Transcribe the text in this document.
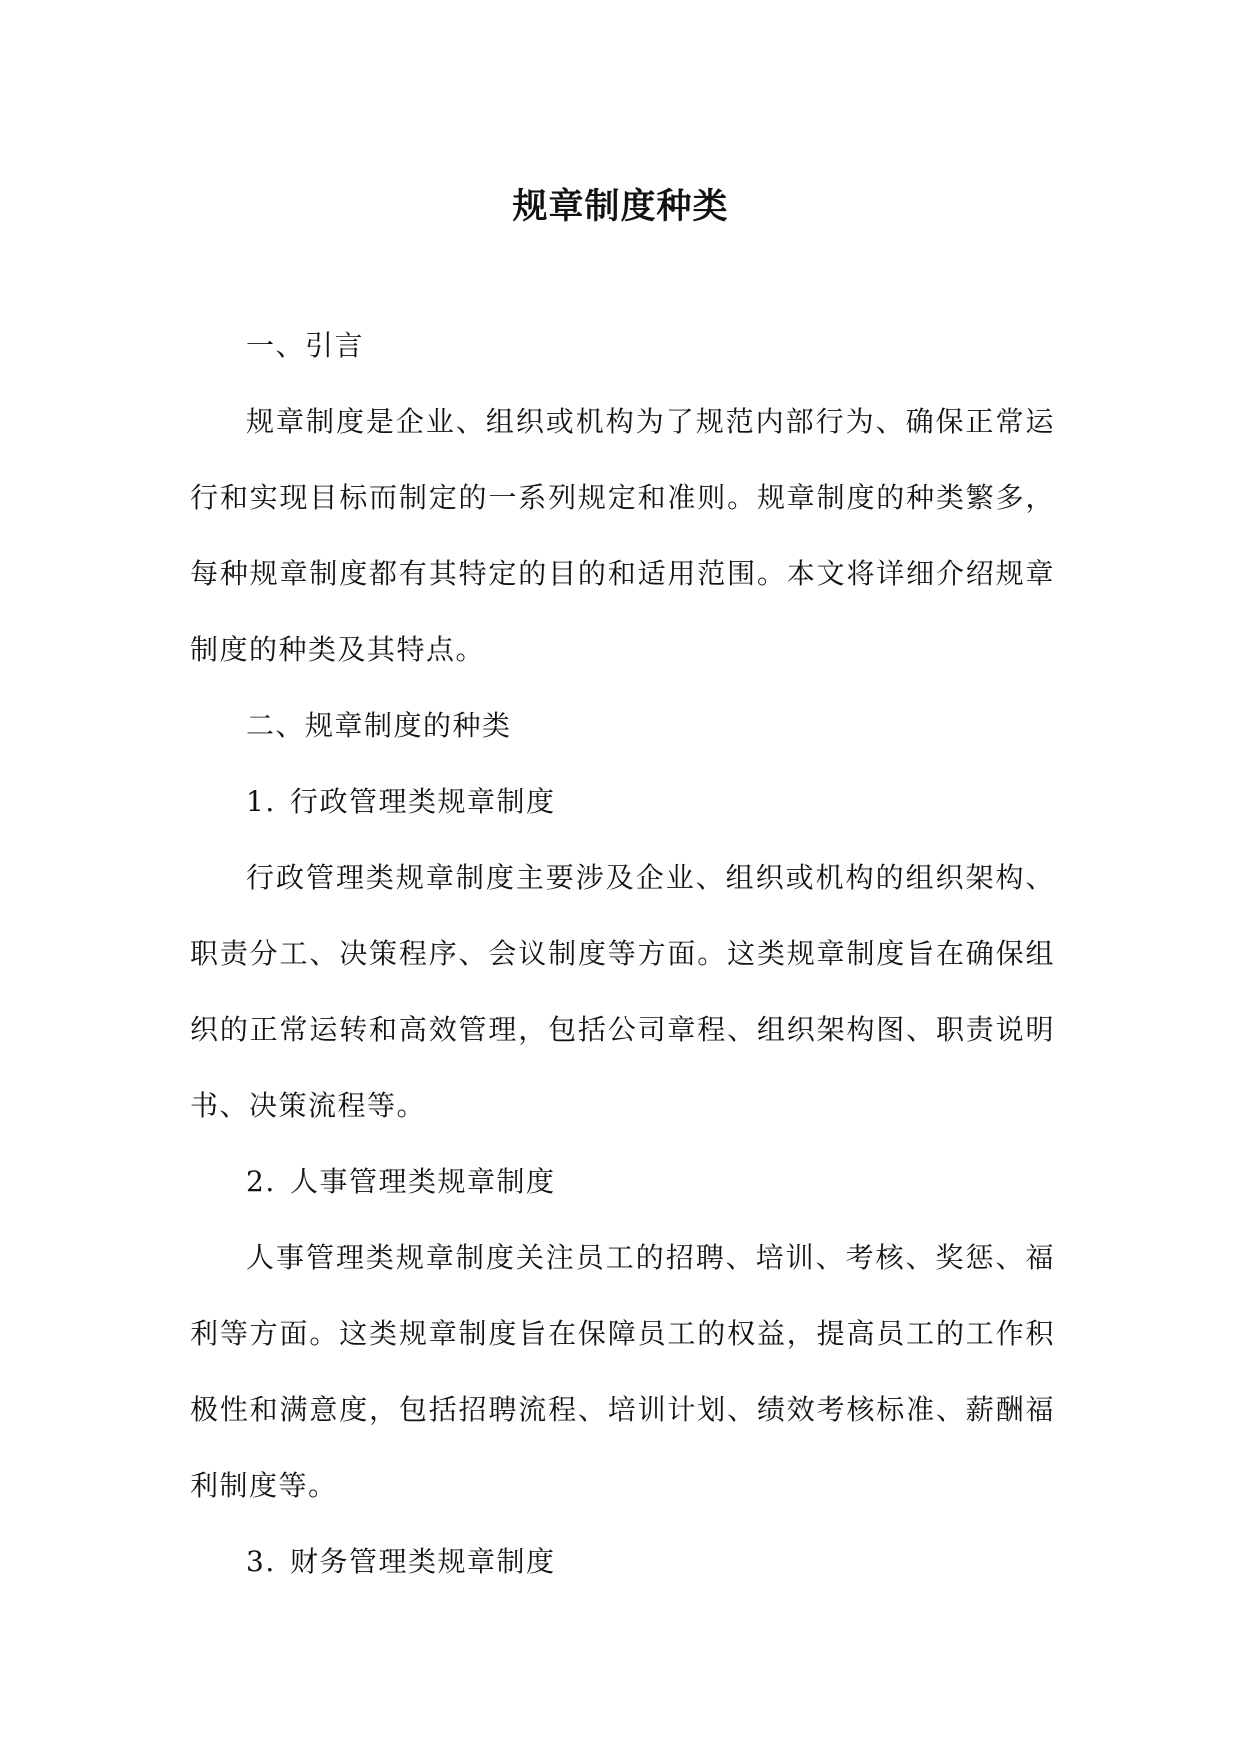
规章制度种类

一、引言

规章制度是企业、组织或机构为了规范内部行为、确保正常运行和实现目标而制定的一系列规定和准则。规章制度的种类繁多，每种规章制度都有其特定的目的和适用范围。本文将详细介绍规章制度的种类及其特点。

二、规章制度的种类

1. 行政管理类规章制度

行政管理类规章制度主要涉及企业、组织或机构的组织架构、职责分工、决策程序、会议制度等方面。这类规章制度旨在确保组织的正常运转和高效管理，包括公司章程、组织架构图、职责说明书、决策流程等。

2. 人事管理类规章制度

人事管理类规章制度关注员工的招聘、培训、考核、奖惩、福利等方面。这类规章制度旨在保障员工的权益，提高员工的工作积极性和满意度，包括招聘流程、培训计划、绩效考核标准、薪酬福利制度等。

3. 财务管理类规章制度
